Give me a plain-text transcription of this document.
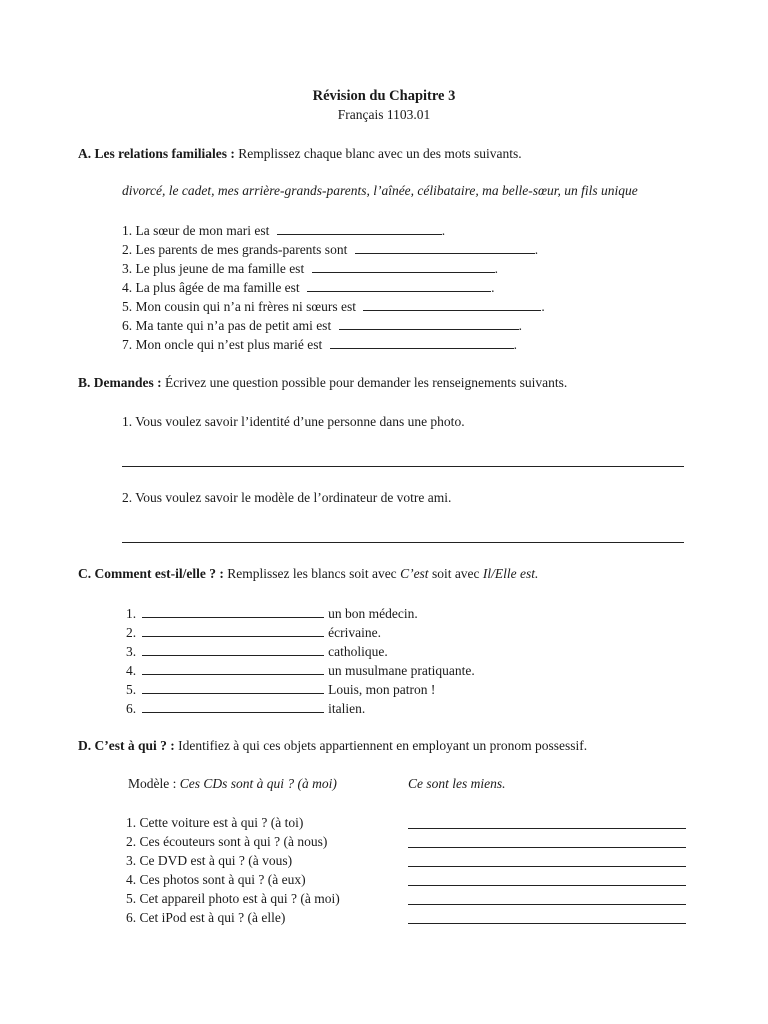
Révision du Chapitre 3
Français 1103.01
A. Les relations familiales : Remplissez chaque blanc avec un des mots suivants.
divorcé, le cadet, mes arrière-grands-parents, l’aînée, célibataire, ma belle-sœur, un fils unique
1. La sœur de mon mari est	.
2. Les parents de mes grands-parents sont	.
3. Le plus jeune de ma famille est	.
4. La plus âgée de ma famille est	.
5. Mon cousin qui n’a ni frères ni sœurs est	.
6. Ma tante qui n’a pas de petit ami est	.
7. Mon oncle qui n’est plus marié est	.
B. Demandes : Écrivez une question possible pour demander les renseignements suivants.
1. Vous voulez savoir l’identité d’une personne dans une photo.
2. Vous voulez savoir le modèle de l’ordinateur de votre ami.
C. Comment est-il/elle ? : Remplissez les blancs soit avec C’est soit avec Il/Elle est.
1.	un bon médecin.
2.	écrivaine.
3.	catholique.
4.	un musulmane pratiquante.
5.	Louis, mon patron !
6.	italien.
D. C’est à qui ? : Identifiez à qui ces objets appartiennent en employant un pronom possessif.
Modèle : Ces CDs sont à qui ? (à moi)	Ce sont les miens.
1. Cette voiture est à qui ? (à toi)
2. Ces écouteurs sont à qui ? (à nous)
3. Ce DVD est à qui ? (à vous)
4. Ces photos sont à qui ? (à eux)
5. Cet appareil photo est à qui ? (à moi)
6. Cet iPod est à qui ? (à elle)
